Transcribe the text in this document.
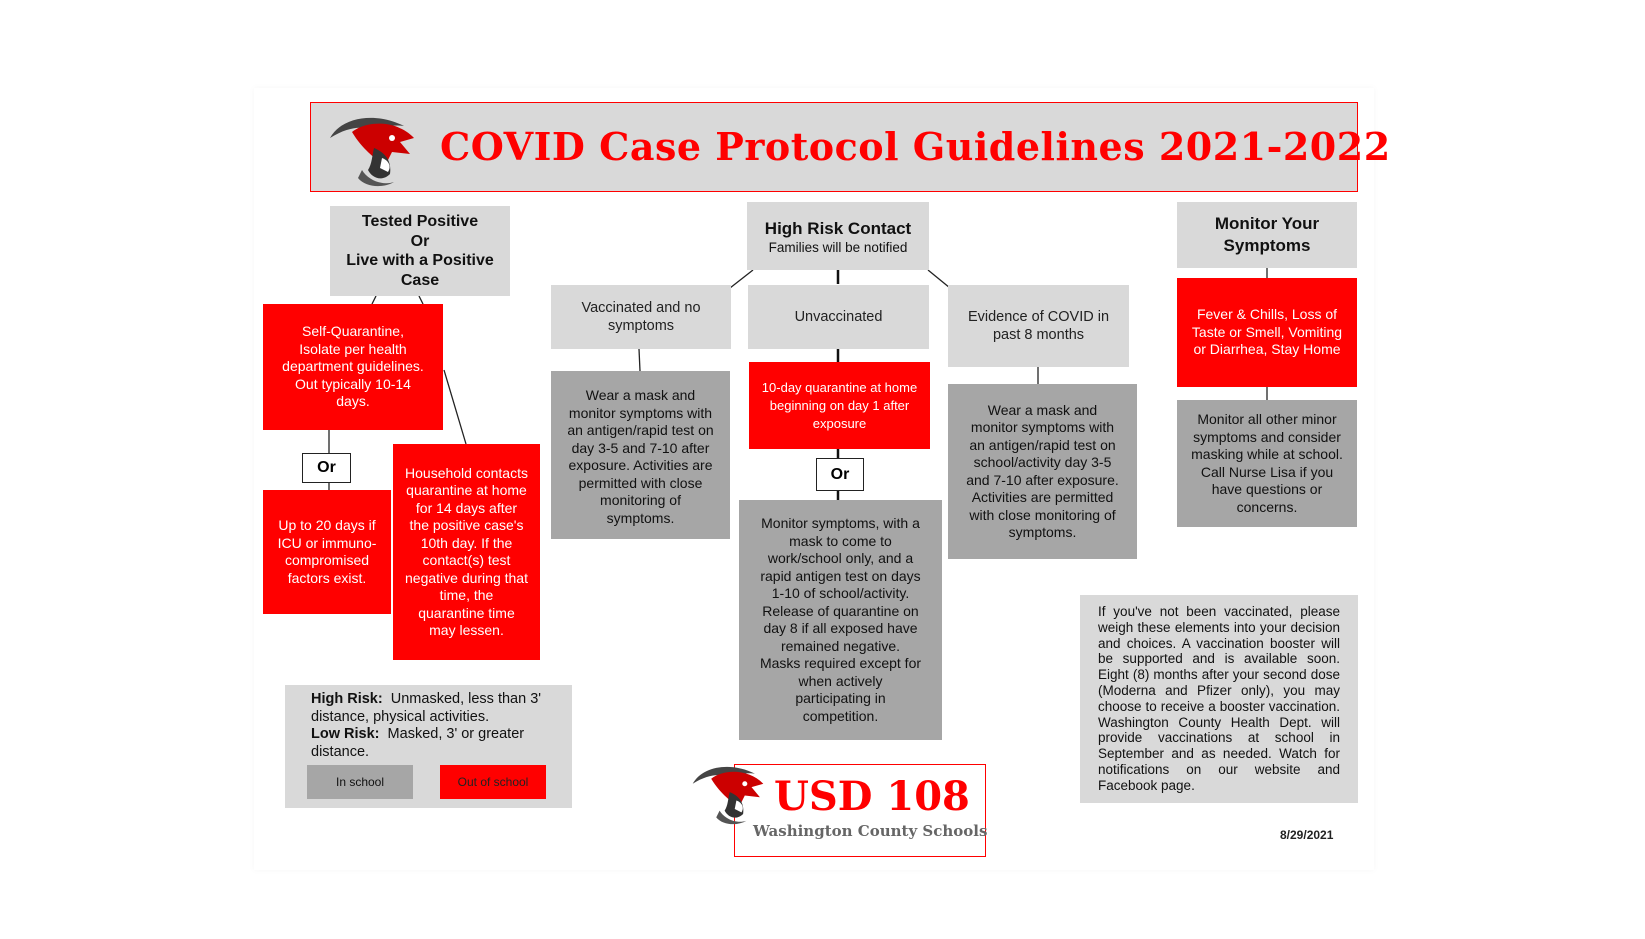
COVID Case Protocol Guidelines 2021-2022
Tested Positive
Or
Live with a Positive
Case
Self-Quarantine, Isolate per health department guidelines. Out typically 10-14 days.
Or
Up to 20 days if ICU or immuno-compromised factors exist.
Household contacts quarantine at home for 14 days after the positive case's 10th day. If the contact(s) test negative during that time, the quarantine time may lessen.
High Risk Contact
Families will be notified
Vaccinated and no symptoms
Wear a mask and monitor symptoms with an antigen/rapid test on day 3-5 and 7-10 after exposure. Activities are permitted with close monitoring of symptoms.
Unvaccinated
10-day quarantine at home beginning on day 1 after exposure
Or
Monitor symptoms, with a mask to come to work/school only, and a rapid antigen test on days 1-10 of school/activity. Release of quarantine on day 8 if all exposed have remained negative. Masks required except for when actively participating in competition.
Evidence of COVID in past 8 months
Wear a mask and monitor symptoms with an antigen/rapid test on school/activity day 3-5 and 7-10 after exposure. Activities are permitted with close monitoring of symptoms.
Monitor Your Symptoms
Fever & Chills, Loss of Taste or Smell, Vomiting or Diarrhea, Stay Home
Monitor all other minor symptoms and consider masking while at school. Call Nurse Lisa if you have questions or concerns.
High Risk: Unmasked, less than 3' distance, physical activities.
Low Risk: Masked, 3' or greater distance.
In school	Out of school	USD 108
Washington County Schools
If you've not been vaccinated, please weigh these elements into your decision and choices. A vaccination booster will be supported and is available soon. Eight (8) months after your second dose (Moderna and Pfizer only), you may choose to receive a booster vaccination. Washington County Health Dept. will provide vaccinations at school in September and as needed. Watch for notifications on our website and Facebook page.
8/29/2021
